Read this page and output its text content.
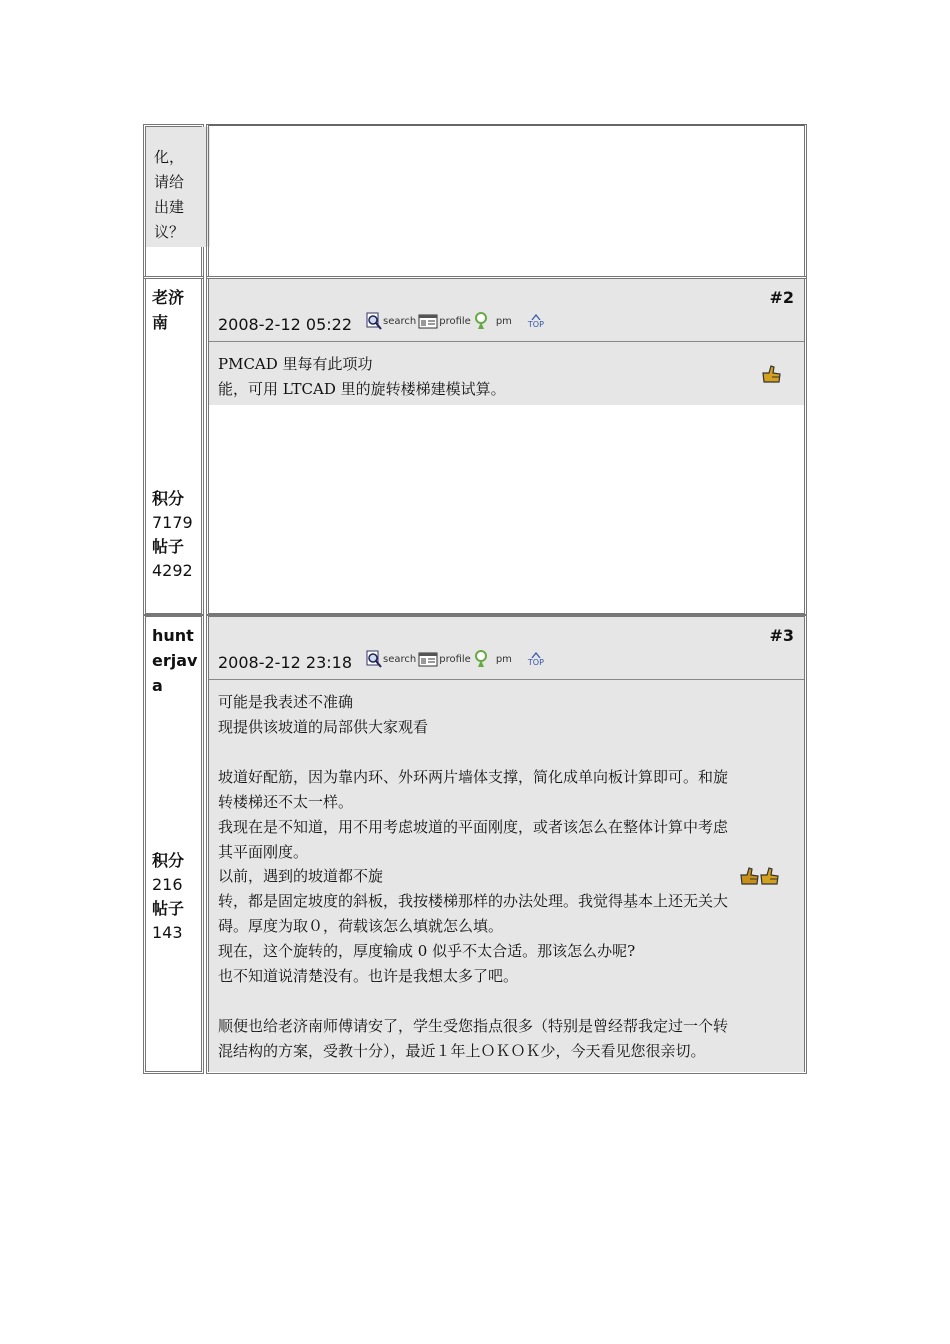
化，
请给
出建
议？
老济
南
积分
7179
帖子
4292
#2
2008-2-12 05:22	search profile	pm TOP
PMCAD 里每有此项功
能，可用 LTCAD 里的旋转楼梯建模试算。
hunt
erjav
a
积分
216
帖子
143
#3
2008-2-12 23:18	search profile	pm TOP
可能是我表述不准确
现提供该坡道的局部供大家观看
坡道好配筋，因为靠内环、外环两片墙体支撑，简化成单向板计算即可。和旋
转楼梯还不太一样。
我现在是不知道，用不用考虑坡道的平面刚度，或者该怎么在整体计算中考虑
其平面刚度。
以前，遇到的坡道都不旋
转，都是固定坡度的斜板，我按楼梯那样的办法处理。我觉得基本上还无关大
碍。厚度为取０，荷载该怎么填就怎么填。
现在，这个旋转的，厚度输成 0 似乎不太合适。那该怎么办呢?
也不知道说清楚没有。也许是我想太多了吧。
顺便也给老济南师傅请安了，学生受您指点很多（特别是曾经帮我定过一个转
混结构的方案，受教十分），最近１年上ＯＫＯＫ少，今天看见您很亲切。
